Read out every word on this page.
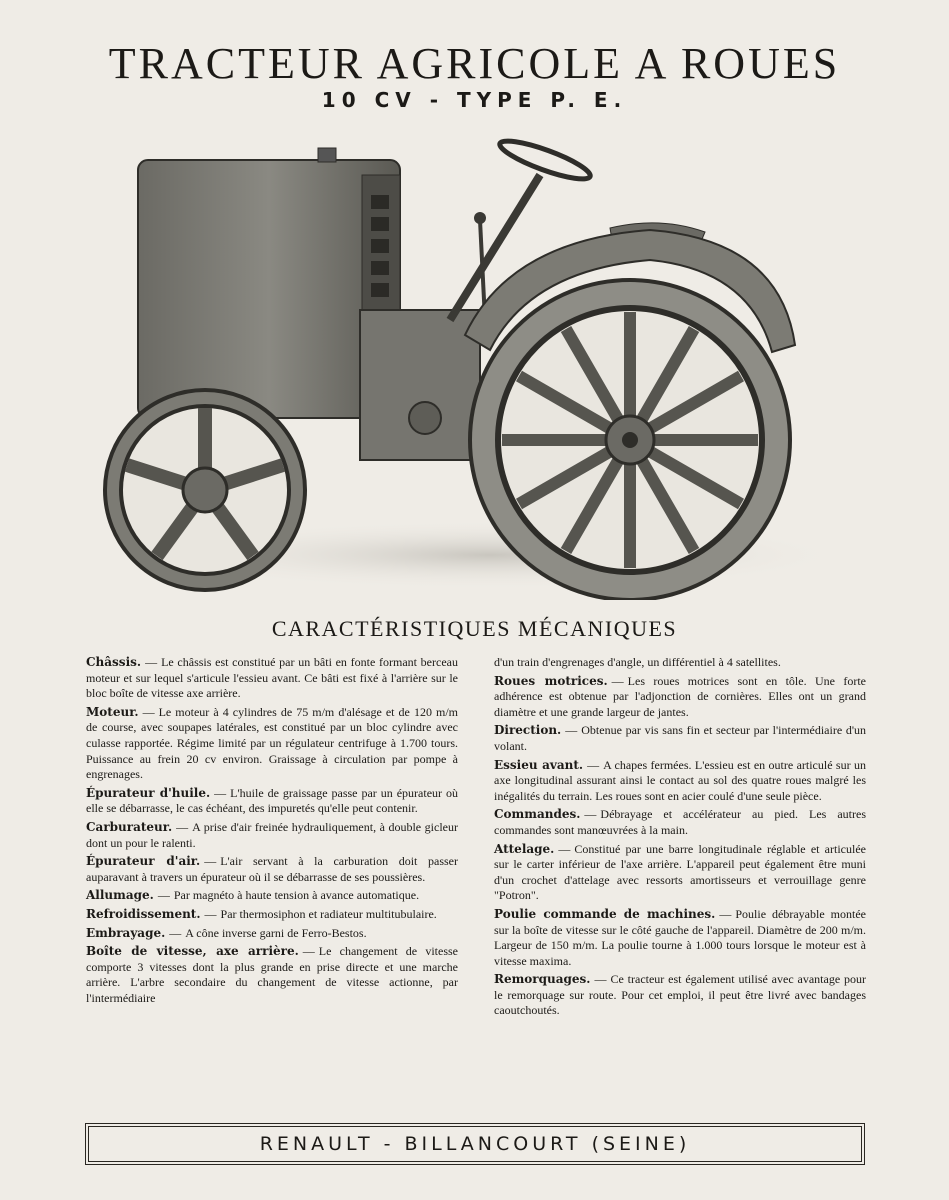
TRACTEUR AGRICOLE A ROUES
10 CV - TYPE P. E.
CARACTÉRISTIQUES MÉCANIQUES

Châssis. — Le châssis est constitué par un bâti en fonte formant berceau moteur et sur lequel s'articule l'essieu avant. Ce bâti est fixé à l'arrière sur le bloc boîte de vitesse axe arrière.

Moteur. — Le moteur à 4 cylindres de 75 m/m d'alésage et de 120 m/m de course, avec soupapes latérales, est constitué par un bloc cylindre avec culasse rapportée. Régime limité par un régulateur centrifuge à 1.700 tours. Puissance au frein 20 cv environ. Graissage à circulation par pompe à engrenages.

Épurateur d'huile. — L'huile de graissage passe par un épurateur où elle se débarrasse, le cas échéant, des impuretés qu'elle peut contenir.

Carburateur. — A prise d'air freinée hydrauliquement, à double gicleur dont un pour le ralenti.

Épurateur d'air. — L'air servant à la carburation doit passer auparavant à travers un épurateur où il se débarrasse de ses poussières.

Allumage. — Par magnéto à haute tension à avance automatique.

Refroidissement. — Par thermosiphon et radiateur multitubulaire.

Embrayage. — A cône inverse garni de Ferro-Bestos.

Boîte de vitesse, axe arrière. — Le changement de vitesse comporte 3 vitesses dont la plus grande en prise directe et une marche arrière. L'arbre secondaire du changement de vitesse actionne, par l'intermédiaire

d'un train d'engrenages d'angle, un différentiel à 4 satellites.

Roues motrices. — Les roues motrices sont en tôle. Une forte adhérence est obtenue par l'adjonction de cornières. Elles ont un grand diamètre et une grande largeur de jantes.

Direction. — Obtenue par vis sans fin et secteur par l'intermédiaire d'un volant.

Essieu avant. — A chapes fermées. L'essieu est en outre articulé sur un axe longitudinal assurant ainsi le contact au sol des quatre roues malgré les inégalités du terrain. Les roues sont en acier coulé d'une seule pièce.

Commandes. — Débrayage et accélérateur au pied. Les autres commandes sont manœuvrées à la main.

Attelage. — Constitué par une barre longitudinale réglable et articulée sur le carter inférieur de l'axe arrière. L'appareil peut également être muni d'un crochet d'attelage avec ressorts amortisseurs et verrouillage genre "Potron".

Poulie commande de machines. — Poulie débrayable montée sur la boîte de vitesse sur le côté gauche de l'appareil. Diamètre de 200 m/m. Largeur de 150 m/m. La poulie tourne à 1.000 tours lorsque le moteur est à vitesse maxima.

Remorquages. — Ce tracteur est également utilisé avec avantage pour le remorquage sur route. Pour cet emploi, il peut être livré avec bandages caoutchoutés.

RENAULT - BILLANCOURT (SEINE)
